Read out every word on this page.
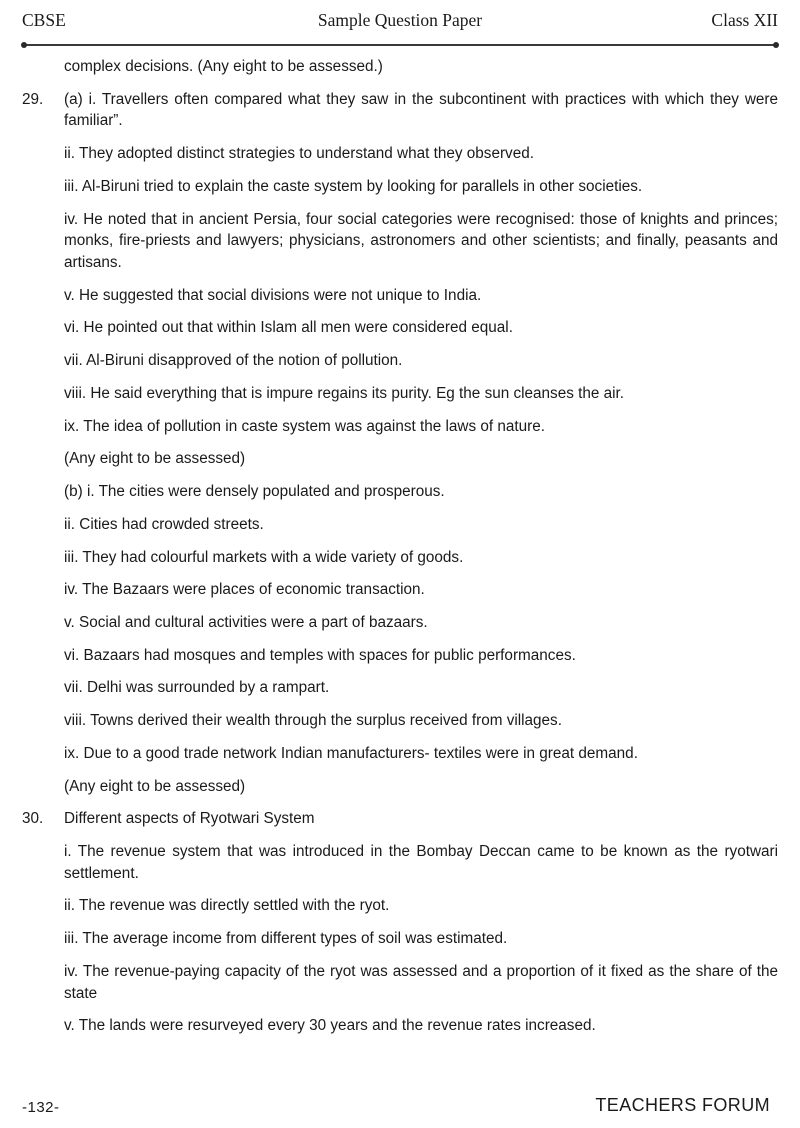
CBSE	Sample Question Paper	Class XII

complex decisions. (Any eight to be assessed.)

29.	(a) i. Travellers often compared what they saw in the subcontinent with practices with which they were familiar”.

ii. They adopted distinct strategies to understand what they observed.

iii. Al-Biruni tried to explain the caste system by looking for parallels in other societies.

iv. He noted that in ancient Persia, four social categories were recognised: those of knights and princes; monks, fire-priests and lawyers; physicians, astronomers and other scientists; and finally, peasants and artisans.

v. He suggested that social divisions were not unique to India.

vi. He pointed out that within Islam all men were considered equal.

vii. Al-Biruni disapproved of the notion of pollution.

viii. He said everything that is impure regains its purity. Eg the sun cleanses the air.

ix. The idea of pollution in caste system was against the laws of nature.

(Any eight to be assessed)

(b) i. The cities were densely populated and prosperous.

ii. Cities had crowded streets.

iii. They had colourful markets with a wide variety of goods.

iv. The Bazaars were places of economic transaction.

v. Social and cultural activities were a part of bazaars.

vi. Bazaars had mosques and temples with spaces for public performances.

vii. Delhi was surrounded by a rampart.

viii. Towns derived their wealth through the surplus received from villages.

ix. Due to a good trade network Indian manufacturers- textiles were in great demand.

(Any eight to be assessed)

30.	Different aspects of Ryotwari System

i. The revenue system that was introduced in the Bombay Deccan came to be known as the ryotwari settlement.

ii. The revenue was directly settled with the ryot.

iii. The average income from different types of soil was estimated.

iv. The revenue-paying capacity of the ryot was assessed and a proportion of it fixed as the share of the state

v. The lands were resurveyed every 30 years and the revenue rates increased.

-132-	TEACHERS FORUM
